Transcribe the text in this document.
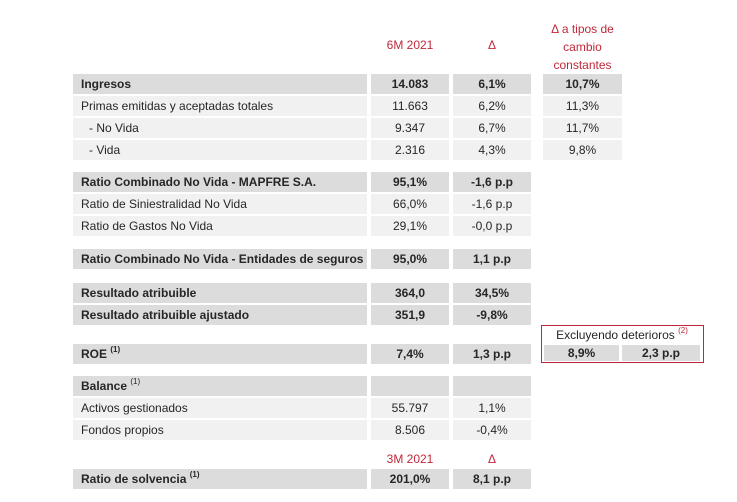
6M 2021	Δ
Δ a tipos de
cambio
constantes
Ingresos	14.083	6,1%	10,7%
Primas emitidas y aceptadas totales	11.663	6,2%	11,3%
- No Vida	9.347	6,7%	11,7%
- Vida	2.316	4,3%	9,8%
Ratio Combinado No Vida - MAPFRE S.A.	95,1%	-1,6 p.p
Ratio de Siniestralidad No Vida	66,0%	-1,6 p.p
Ratio de Gastos No Vida	29,1%	-0,0 p.p
Ratio Combinado No Vida - Entidades de seguros	95,0%	1,1 p.p
Resultado atribuible	364,0	34,5%
Resultado atribuible ajustado	351,9	-9,8%
ROE $^{(1)}$	7,4%	1,3 p.p
Excluyendo deterioros $^{(2)}$
8,9%	2,3 p.p
Balance $^{(1)}$
Activos gestionados	55.797	1,1%
Fondos propios	8.506	-0,4%
3M 2021	Δ
Ratio de solvencia $^{(1)}$	201,0%	8,1 p.p
